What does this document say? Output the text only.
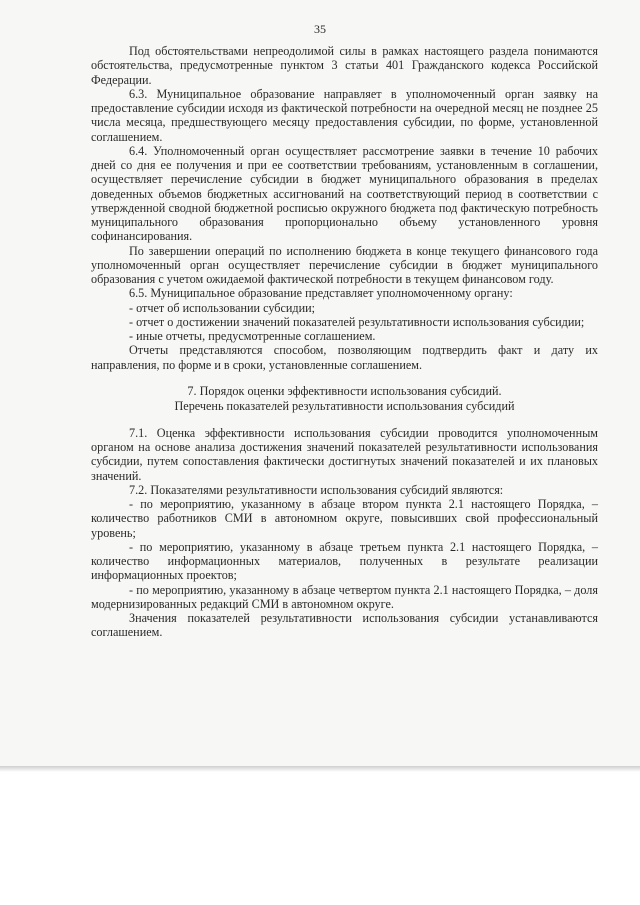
35

Под обстоятельствами непреодолимой силы в рамках настоящего раздела понимаются обстоятельства, предусмотренные пунктом 3 статьи 401 Гражданского кодекса Российской Федерации.

6.3. Муниципальное образование направляет в уполномоченный орган заявку на предоставление субсидии исходя из фактической потребности на очередной месяц не позднее 25 числа месяца, предшествующего месяцу предоставления субсидии, по форме, установленной соглашением.

6.4. Уполномоченный орган осуществляет рассмотрение заявки в течение 10 рабочих дней со дня ее получения и при ее соответствии требованиям, установленным в соглашении, осуществляет перечисление субсидии в бюджет муниципального образования в пределах доведенных объемов бюджетных ассигнований на соответствующий период в соответствии с утвержденной сводной бюджетной росписью окружного бюджета под фактическую потребность муниципального образования пропорционально объему установленного уровня софинансирования.

По завершении операций по исполнению бюджета в конце текущего финансового года уполномоченный орган осуществляет перечисление субсидии в бюджет муниципального образования с учетом ожидаемой фактической потребности в текущем финансовом году.

6.5. Муниципальное образование представляет уполномоченному органу:

- отчет об использовании субсидии;

- отчет о достижении значений показателей результативности использования субсидии;

- иные отчеты, предусмотренные соглашением.

Отчеты представляются способом, позволяющим подтвердить факт и дату их направления, по форме и в сроки, установленные соглашением.

7. Порядок оценки эффективности использования субсидий.
Перечень показателей результативности использования субсидий

7.1. Оценка эффективности использования субсидии проводится уполномоченным органом на основе анализа достижения значений показателей результативности использования субсидии, путем сопоставления фактически достигнутых значений показателей и их плановых значений.

7.2. Показателями результативности использования субсидий являются:

- по мероприятию, указанному в абзаце втором пункта 2.1 настоящего Порядка, – количество работников СМИ в автономном округе, повысивших свой профессиональный уровень;

- по мероприятию, указанному в абзаце третьем пункта 2.1 настоящего Порядка, – количество информационных материалов, полученных в результате реализации информационных проектов;

- по мероприятию, указанному в абзаце четвертом пункта 2.1 настоящего Порядка, – доля модернизированных редакций СМИ в автономном округе.

Значения показателей результативности использования субсидии устанавливаются соглашением.
